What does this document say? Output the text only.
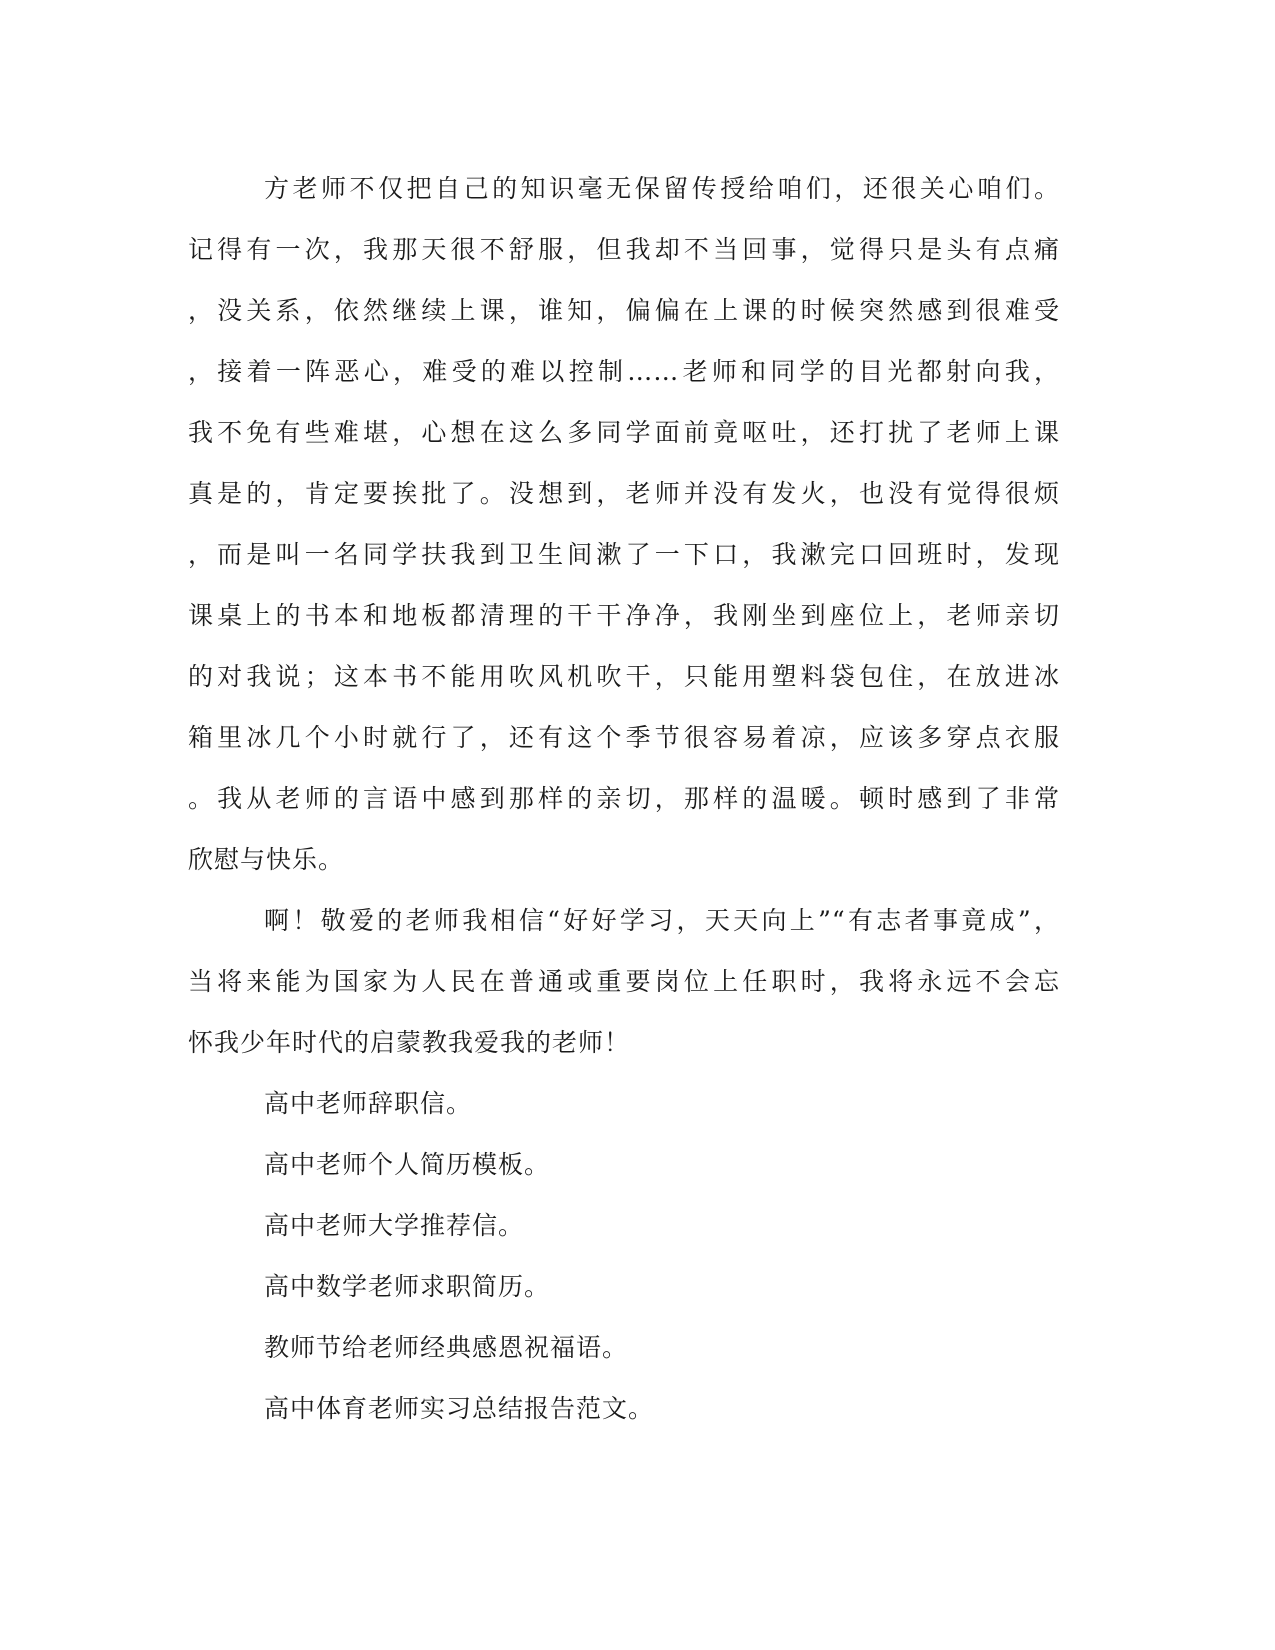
方老师不仅把自己的知识毫无保留传授给咱们，还很关心咱们。
记得有一次，我那天很不舒服，但我却不当回事，觉得只是头有点痛
，没关系，依然继续上课，谁知，偏偏在上课的时候突然感到很难受
，接着一阵恶心，难受的难以控制……老师和同学的目光都射向我，
我不免有些难堪，心想在这么多同学面前竟呕吐，还打扰了老师上课
真是的，肯定要挨批了。没想到，老师并没有发火，也没有觉得很烦
，而是叫一名同学扶我到卫生间漱了一下口，我漱完口回班时，发现
课桌上的书本和地板都清理的干干净净，我刚坐到座位上，老师亲切
的对我说；这本书不能用吹风机吹干，只能用塑料袋包住，在放进冰
箱里冰几个小时就行了，还有这个季节很容易着凉，应该多穿点衣服
。我从老师的言语中感到那样的亲切，那样的温暖。顿时感到了非常
欣慰与快乐。
啊！敬爱的老师我相信“好好学习，天天向上”“有志者事竟成”，
当将来能为国家为人民在普通或重要岗位上任职时，我将永远不会忘
怀我少年时代的启蒙教我爱我的老师！
高中老师辞职信。
高中老师个人简历模板。
高中老师大学推荐信。
高中数学老师求职简历。
教师节给老师经典感恩祝福语。
高中体育老师实习总结报告范文。
